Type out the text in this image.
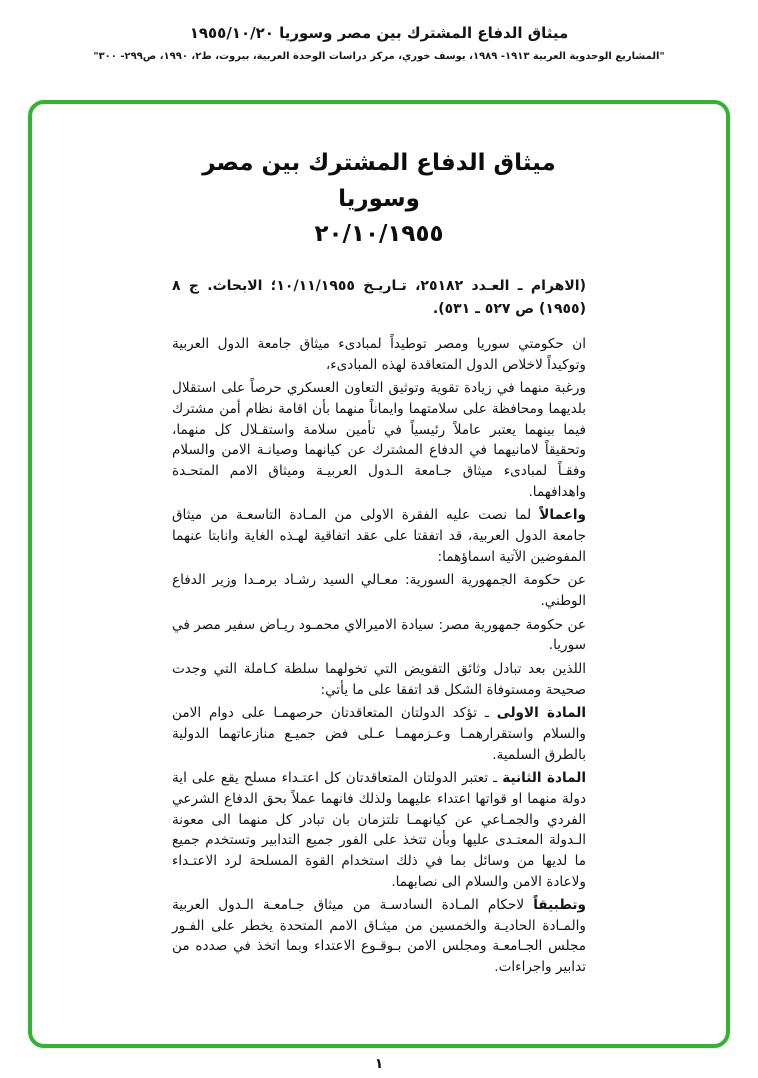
ميثاق الدفاع المشترك بين مصر وسوريا ١٩٥٥/١٠/٢٠
"المشاريع الوحدوية العربية ١٩١٣- ١٩٨٩، يوسف خوري، مركز دراسات الوحدة العربية، بيروت، ط٢، ١٩٩٠، ص٢٩٩- ٣٠٠"
ميثاق الدفاع المشترك بين مصر وسوريا
٢٠/١٠/١٩٥٥

(الاهرام ـ العـدد ٢٥١٨٢، تـاريـخ ١٠/١١/١٩٥٥؛ الابحاث. ج ٨ (١٩٥٥) ص ٥٢٧ ـ ٥٣١).

ان حكومتي سوريا ومصر توطيداً لمبادىء ميثاق جامعة الدول العربية وتوكيداً لاخلاص الدول المتعاقدة لهذه المبادىء،

ورغبة منهما في زيادة تقوية وتوثيق التعاون العسكري حرصاً على استقلال بلديهما ومحافظة على سلامتهما وايماناً منهما بأن اقامة نظام أمن مشترك فيما بينهما يعتبر عاملاً رئيسياً في تأمين سلامة واستقـلال كل منهما، وتحقيقاً لامانيهما في الدفاع المشترك عن كيانهما وصيانـة الامن والسلام وفقـاً لمبادىء ميثاق جـامعة الـدول العربيـة وميثاق الامم المتحـدة واهدافهما.

واعمالاً لما نصت عليه الفقرة الاولى من المـادة التاسعـة من ميثاق جامعة الدول العربية، قد اتفقتا على عقد اتفاقية لهـذه الغاية وانابتا عنهما المفوضين الآتية اسماؤهما:

عن حكومة الجمهورية السورية: معـالي السيد رشـاد برمـدا وزير الدفاع الوطني.

عن حكومة جمهورية مصر: سيادة الاميرالاي محمـود ريـاض سفير مصر في سوريا.

اللذين بعد تبادل وثائق التفويض التي تخولهما سلطة كـاملة التي وجدت صحيحة ومستوفاة الشكل قد اتفقا على ما يأتي:

المادة الاولى ـ تؤكد الدولتان المتعاقدتان حرصهمـا على دوام الامن والسلام واستقرارهمـا وعـزمهمـا عـلى فض جميـع منازعاتهما الدولية بالطرق السلمية.

المادة الثانية ـ تعتبر الدولتان المتعاقدتان كل اعتـداء مسلح يقع على اية دولة منهما او قواتها اعتداء عليهما ولذلك فانهما عملاً بحق الدفاع الشرعي الفردي والجمـاعي عن كيانهمـا تلتزمان بان تبادر كل منهما الى معونة الـدولة المعتـدى عليها وبأن تتخذ على الفور جميع التدابير وتستخدم جميع ما لديها من وسائل بما في ذلك استخدام القوة المسلحة لرد الاعتـداء ولاعادة الامن والسلام الى نصابهما.

وتطبيقاً لاحكام المـادة السادسـة من ميثاق جـامعـة الـدول العربية والمـادة الحاديـة والخمسين من ميثـاق الامم المتحدة يخطر على الفـور مجلس الجـامعـة ومجلس الامن بـوقـوع الاعتداء وبما اتخذ في صدده من تدابير واجراءات.

١
